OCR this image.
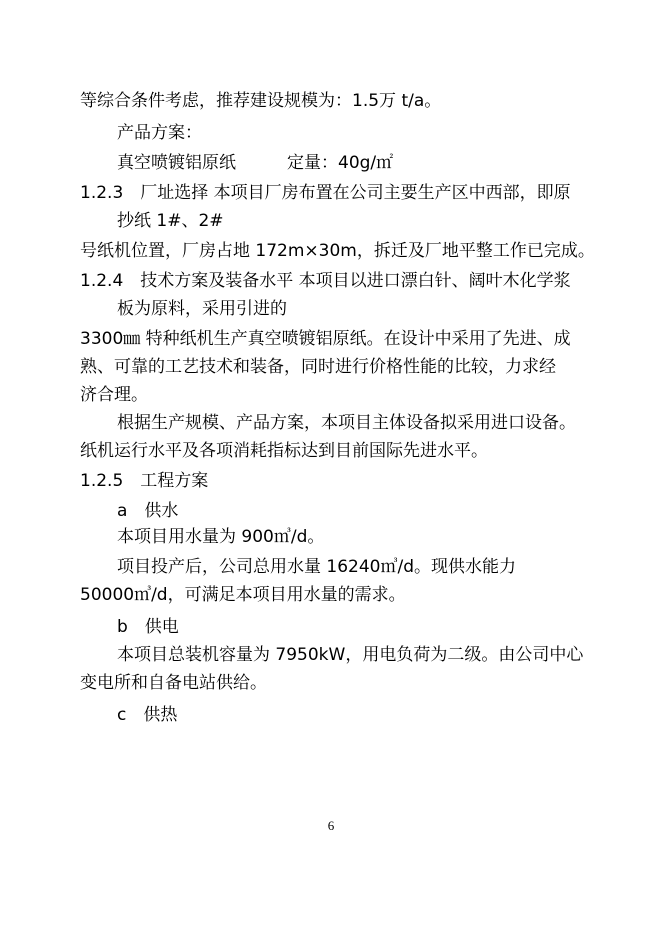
等综合条件考虑，推荐建设规模为：1.5万 t/a。
产品方案：
真空喷镀铝原纸　　　定量：40g/㎡
1.2.3　厂址选择 本项目厂房布置在公司主要生产区中西部，即原
抄纸 1#、2#
号纸机位置，厂房占地 172m×30m，拆迁及厂地平整工作已完成。
1.2.4　技术方案及装备水平 本项目以进口漂白针、阔叶木化学浆
板为原料，采用引进的
3300㎜ 特种纸机生产真空喷镀铝原纸。在设计中采用了先进、成
熟、可靠的工艺技术和装备，同时进行价格性能的比较，力求经
济合理。
根据生产规模、产品方案，本项目主体设备拟采用进口设备。
纸机运行水平及各项消耗指标达到目前国际先进水平。
1.2.5　工程方案
a　供水
本项目用水量为 900㎥/d。
项目投产后，公司总用水量 16240㎥/d。现供水能力
50000㎥/d，可满足本项目用水量的需求。
b　供电
本项目总装机容量为 7950kW，用电负荷为二级。由公司中心
变电所和自备电站供给。
c　供热
6
